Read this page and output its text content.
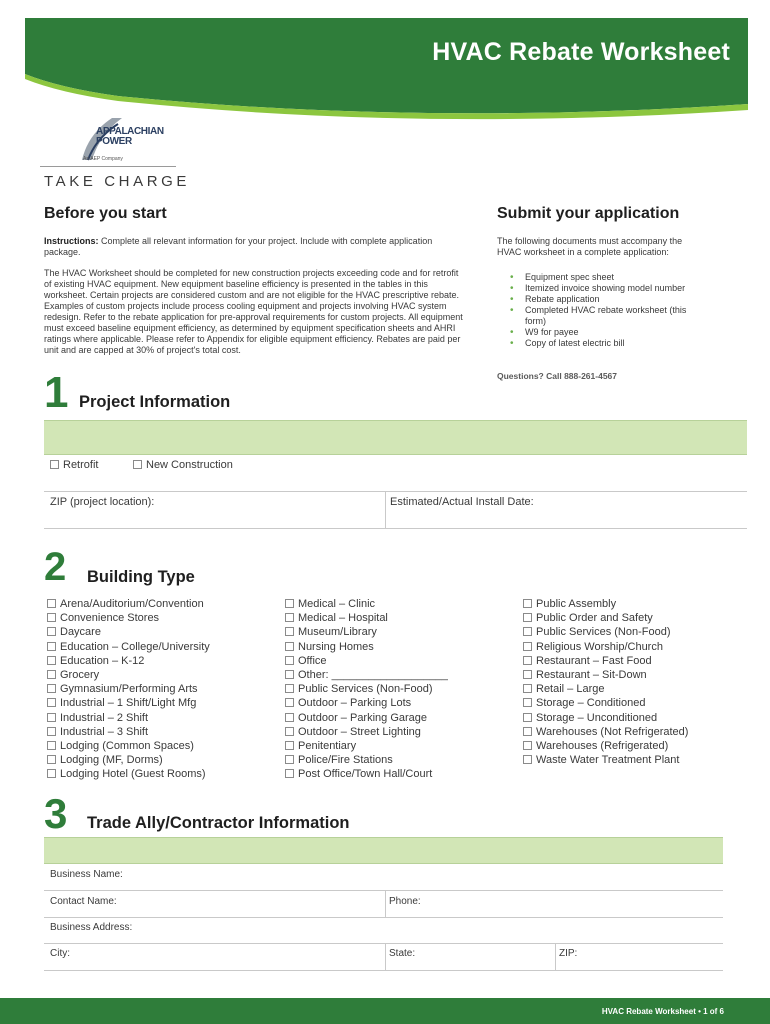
HVAC Rebate Worksheet
APPALACHIAN
POWER
An AEP Company
TAKE CHARGE
Before you start
Instructions: Complete all relevant information for your project. Include with complete application package.
The HVAC Worksheet should be completed for new construction projects exceeding code and for retrofit of existing HVAC equipment. New equipment baseline efficiency is presented in the tables in this worksheet. Certain projects are considered custom and are not eligible for the HVAC prescriptive rebate. Examples of custom projects include process cooling equipment and projects involving HVAC system redesign. Refer to the rebate application for pre-approval requirements for custom projects. All equipment must exceed baseline equipment efficiency, as determined by equipment specification sheets and AHRI ratings where applicable. Please refer to Appendix for eligible equipment efficiency. Rebates are paid per unit and are capped at 30% of project's total cost.
Submit your application
The following documents must accompany the HVAC worksheet in a complete application:
• Equipment spec sheet
• Itemized invoice showing model number
• Rebate application
• Completed HVAC rebate worksheet (this form)
• W9 for payee
• Copy of latest electric bill
Questions? Call 888-261-4567
1 Project Information
Retrofit	New Construction
ZIP (project location):	Estimated/Actual Install Date:
2 Building Type
Arena/Auditorium/Convention
Convenience Stores
Daycare
Education – College/University
Education – K-12
Grocery
Gymnasium/Performing Arts
Industrial – 1 Shift/Light Mfg
Industrial – 2 Shift
Industrial – 3 Shift
Lodging (Common Spaces)
Lodging (MF, Dorms)
Lodging Hotel (Guest Rooms)
Medical – Clinic
Medical – Hospital
Museum/Library
Nursing Homes
Office
Other: ___________________
Public Services (Non-Food)
Outdoor – Parking Lots
Outdoor – Parking Garage
Outdoor – Street Lighting
Penitentiary
Police/Fire Stations
Post Office/Town Hall/Court
Public Assembly
Public Order and Safety
Public Services (Non-Food)
Religious Worship/Church
Restaurant – Fast Food
Restaurant – Sit-Down
Retail – Large
Storage – Conditioned
Storage – Unconditioned
Warehouses (Not Refrigerated)
Warehouses (Refrigerated)
Waste Water Treatment Plant
3 Trade Ally/Contractor Information
Business Name:
Contact Name:	Phone:
Business Address:
City:	State:	ZIP:
HVAC Rebate Worksheet • 1 of 6
